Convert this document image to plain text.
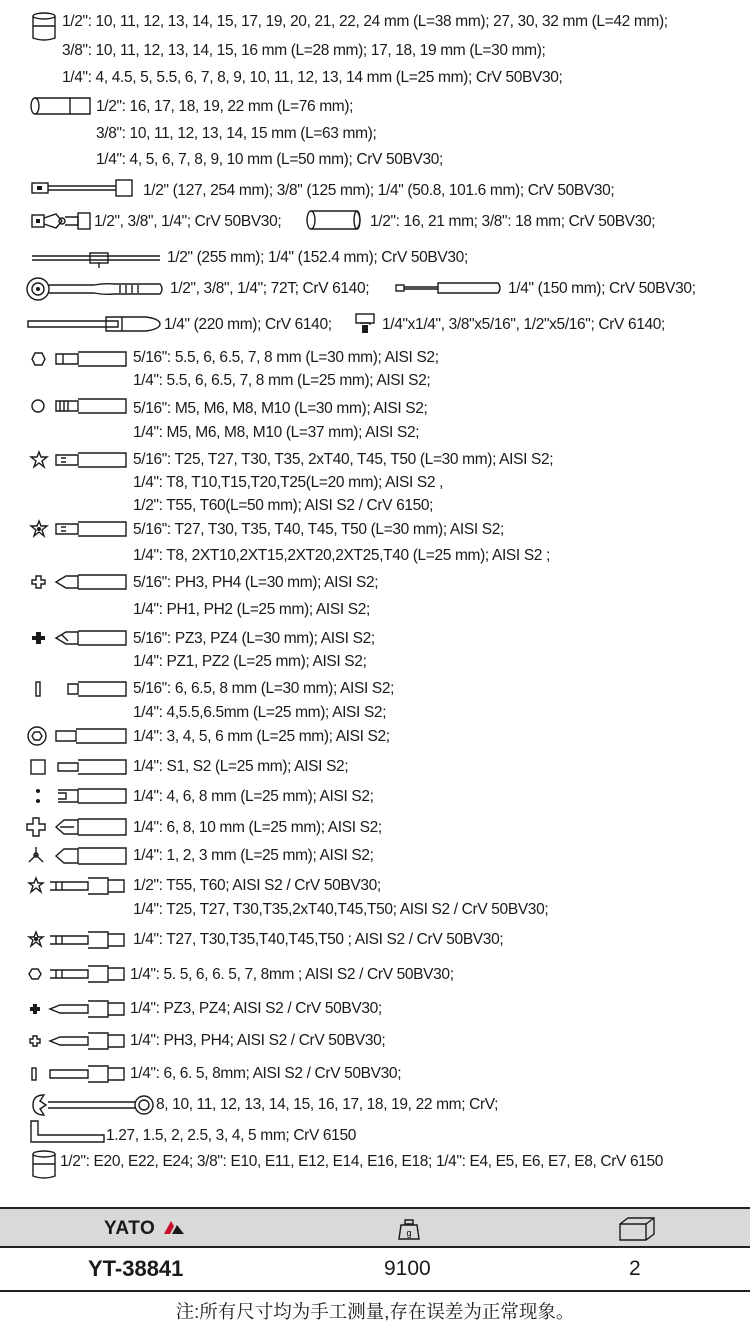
1/2": 10, 11, 12, 13, 14, 15, 17, 19, 20, 21, 22, 24 mm (L=38 mm); 27, 30, 32 mm (L=42 mm);
3/8": 10, 11, 12, 13, 14, 15, 16 mm (L=28 mm); 17, 18, 19 mm (L=30 mm);
1/4": 4, 4.5, 5, 5.5, 6, 7, 8, 9, 10, 11, 12, 13, 14 mm (L=25 mm); CrV 50BV30;
1/2": 16, 17, 18, 19, 22 mm (L=76 mm);
3/8": 10, 11, 12, 13, 14, 15 mm (L=63 mm);
1/4": 4, 5, 6, 7, 8, 9, 10 mm (L=50 mm); CrV 50BV30;
1/2" (127, 254 mm); 3/8" (125 mm); 1/4" (50.8, 101.6 mm); CrV 50BV30;
1/2", 3/8", 1/4"; CrV 50BV30;	1/2": 16, 21 mm; 3/8": 18 mm; CrV 50BV30;
1/2" (255 mm); 1/4" (152.4 mm); CrV 50BV30;
1/2", 3/8", 1/4"; 72T; CrV 6140;	1/4" (150 mm); CrV 50BV30;
1/4" (220 mm); CrV 6140;	1/4"x1/4", 3/8"x5/16", 1/2"x5/16"; CrV 6140;
5/16": 5.5, 6, 6.5, 7, 8 mm (L=30 mm); AISI S2;
1/4": 5.5, 6, 6.5, 7, 8 mm (L=25 mm); AISI S2;
5/16": M5, M6, M8, M10 (L=30 mm); AISI S2;
1/4": M5, M6, M8, M10 (L=37 mm); AISI S2;
5/16": T25, T27, T30, T35, 2xT40, T45, T50 (L=30 mm); AISI S2;
1/4": T8, T10,T15,T20,T25(L=20 mm); AISI S2 ,
1/2": T55, T60(L=50 mm); AISI S2 / CrV 6150;
5/16": T27, T30, T35, T40, T45, T50 (L=30 mm); AISI S2;
1/4": T8, 2XT10,2XT15,2XT20,2XT25,T40 (L=25 mm); AISI S2 ;
5/16": PH3, PH4 (L=30 mm); AISI S2;
1/4": PH1, PH2 (L=25 mm); AISI S2;
5/16": PZ3, PZ4 (L=30 mm); AISI S2;
1/4": PZ1, PZ2 (L=25 mm); AISI S2;
5/16": 6, 6.5, 8 mm (L=30 mm); AISI S2;
1/4": 4,5.5,6.5mm (L=25 mm); AISI S2;
1/4": 3, 4, 5, 6 mm (L=25 mm); AISI S2;
1/4": S1, S2 (L=25 mm); AISI S2;
1/4": 4, 6, 8 mm (L=25 mm); AISI S2;
1/4": 6, 8, 10 mm (L=25 mm); AISI S2;
1/4": 1, 2, 3 mm (L=25 mm); AISI S2;
1/2": T55, T60; AISI S2 / CrV 50BV30;
1/4": T25, T27, T30,T35,2xT40,T45,T50; AISI S2 / CrV 50BV30;
1/4": T27, T30,T35,T40,T45,T50 ; AISI S2 / CrV 50BV30;
1/4": 5. 5, 6, 6. 5, 7, 8mm ; AISI S2 / CrV 50BV30;
1/4": PZ3, PZ4; AISI S2 / CrV 50BV30;
1/4": PH3, PH4; AISI S2 / CrV 50BV30;
1/4": 6, 6. 5, 8mm; AISI S2 / CrV 50BV30;
8, 10, 11, 12, 13, 14, 15, 16, 17, 18, 19, 22 mm; CrV;
1.27, 1.5, 2, 2.5, 3, 4, 5 mm; CrV 6150
1/2": E20, E22, E24; 3/8": E10, E11, E12, E14, E16, E18; 1/4": E4, E5, E6, E7, E8, CrV 6150
YATO	g
YT-38841	9100	2
注:所有尺寸均为手工测量,存在误差为正常现象。
